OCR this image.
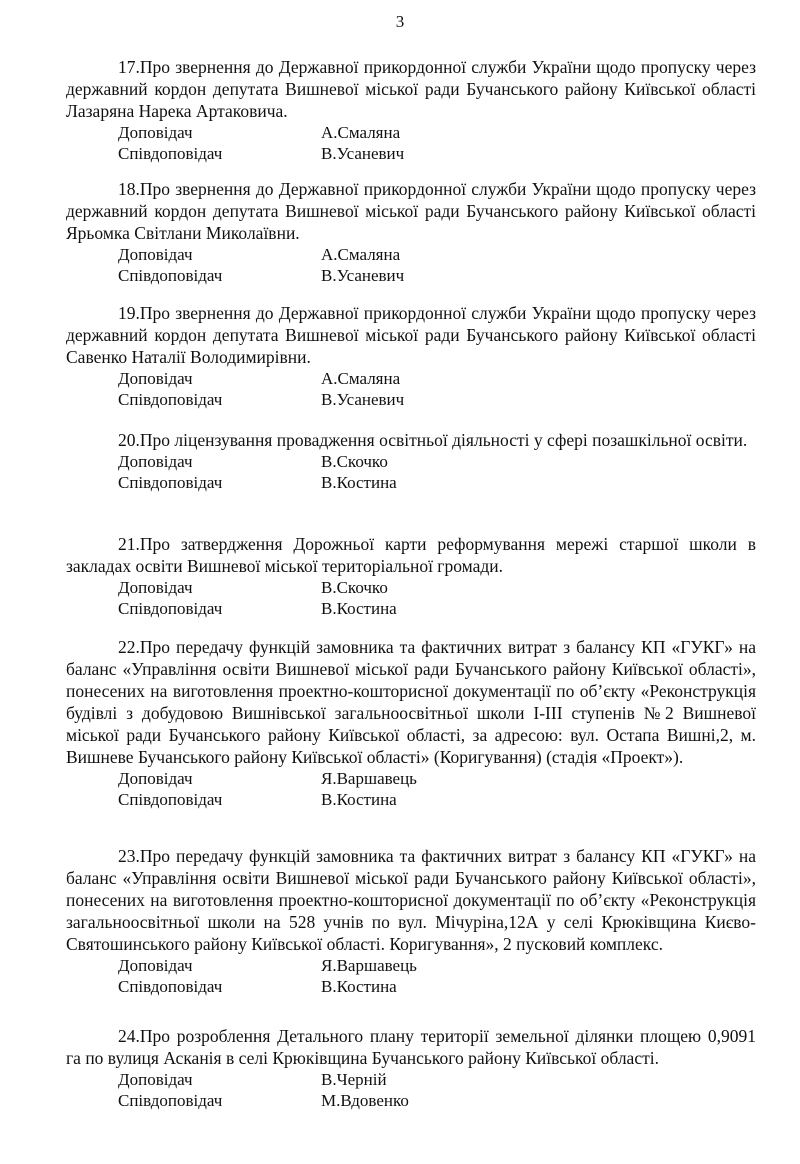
3

17.Про звернення до Державної прикордонної служби України щодо пропуску через державний кордон депутата Вишневої міської ради Бучанського району Київської області Лазаряна Нарека Артаковича.

Доповідач	А.Смаляна
Співдоповідач	В.Усаневич

18.Про звернення до Державної прикордонної служби України щодо пропуску через державний кордон депутата Вишневої міської ради Бучанського району Київської області Ярьомка Світлани Миколаївни.

Доповідач	А.Смаляна
Співдоповідач	В.Усаневич

19.Про звернення до Державної прикордонної служби України щодо пропуску через державний кордон депутата Вишневої міської ради Бучанського району Київської області Савенко Наталії Володимирівни.

Доповідач	А.Смаляна
Співдоповідач	В.Усаневич

20.Про ліцензування провадження освітньої діяльності у сфері позашкільної освіти.

Доповідач	В.Скочко
Співдоповідач	В.Костина

21.Про затвердження Дорожньої карти реформування мережі старшої школи в закладах освіти Вишневої міської територіальної громади.

Доповідач	В.Скочко
Співдоповідач	В.Костина

22.Про передачу функцій замовника та фактичних витрат з балансу КП «ГУКГ» на баланс «Управління освіти Вишневої міської ради Бучанського району Київської області», понесених на виготовлення проектно-кошторисної документації по об’єкту «Реконструкція будівлі з добудовою Вишнівської загальноосвітньої школи І-ІІІ ступенів №2 Вишневої міської ради Бучанського району Київської області, за адресою: вул. Остапа Вишні,2, м. Вишневе Бучанського району Київської області» (Коригування) (стадія «Проект»).

Доповідач	Я.Варшавець
Співдоповідач	В.Костина

23.Про передачу функцій замовника та фактичних витрат з балансу КП «ГУКГ» на баланс «Управління освіти Вишневої міської ради Бучанського району Київської області», понесених на виготовлення проектно-кошторисної документації по об’єкту «Реконструкція загальноосвітньої школи на 528 учнів по вул. Мічуріна,12А у селі Крюківщина Києво-Святошинського району Київської області. Коригування», 2 пусковий комплекс.

Доповідач	Я.Варшавець
Співдоповідач	В.Костина

24.Про розроблення Детального плану території земельної ділянки площею 0,9091 га по вулиця Асканія в селі Крюківщина Бучанського району Київської області.

Доповідач	В.Черній
Співдоповідач	М.Вдовенко
